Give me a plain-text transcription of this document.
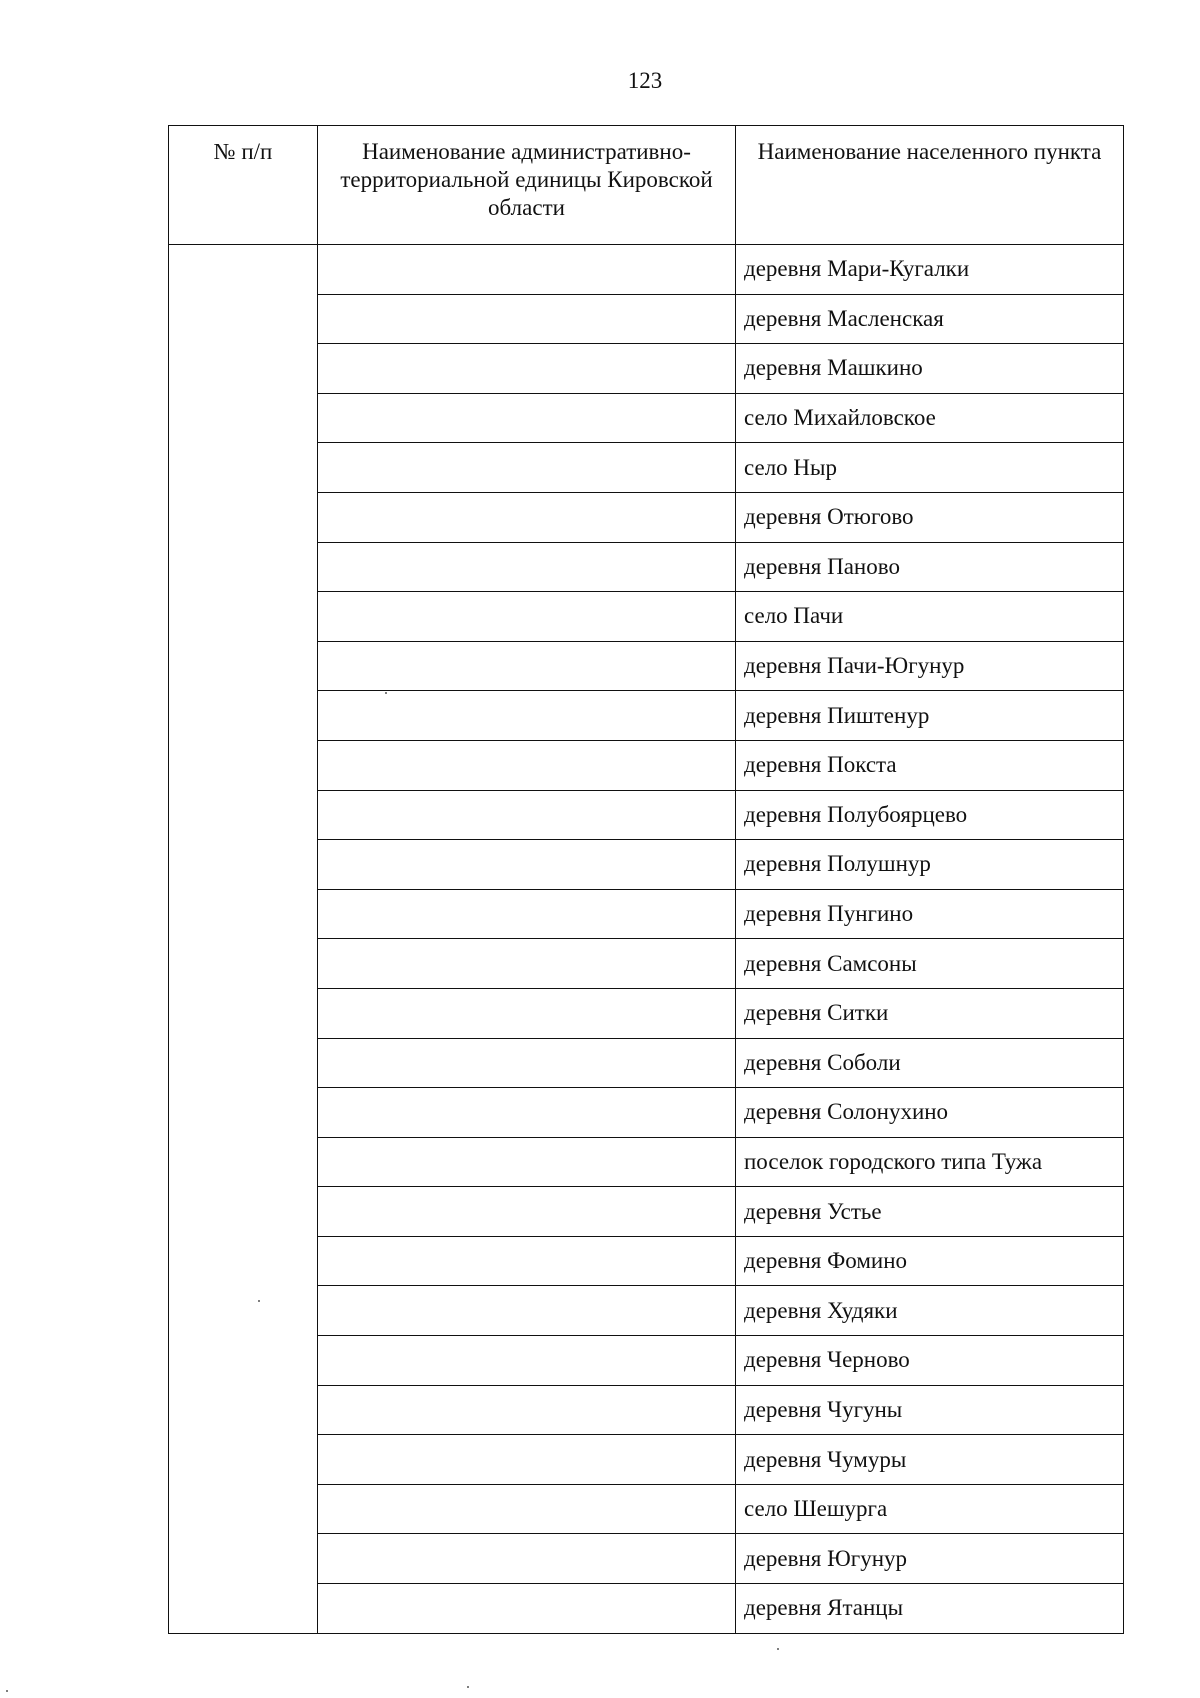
123
№ п/п	Наименование административно-территориальной единицы Кировской области	Наименование населенного пункта
		деревня Мари-Кугалки
		деревня Масленская
		деревня Машкино
		село Михайловское
		село Ныр
		деревня Отюгово
		деревня Паново
		село Пачи
		деревня Пачи-Югунур
		деревня Пиштенур
		деревня Покста
		деревня Полубоярцево
		деревня Полушнур
		деревня Пунгино
		деревня Самсоны
		деревня Ситки
		деревня Соболи
		деревня Солонухино
		поселок городского типа Тужа
		деревня Устье
		деревня Фомино
		деревня Худяки
		деревня Черново
		деревня Чугуны
		деревня Чумуры
		село Шешурга
		деревня Югунур
		деревня Ятанцы
